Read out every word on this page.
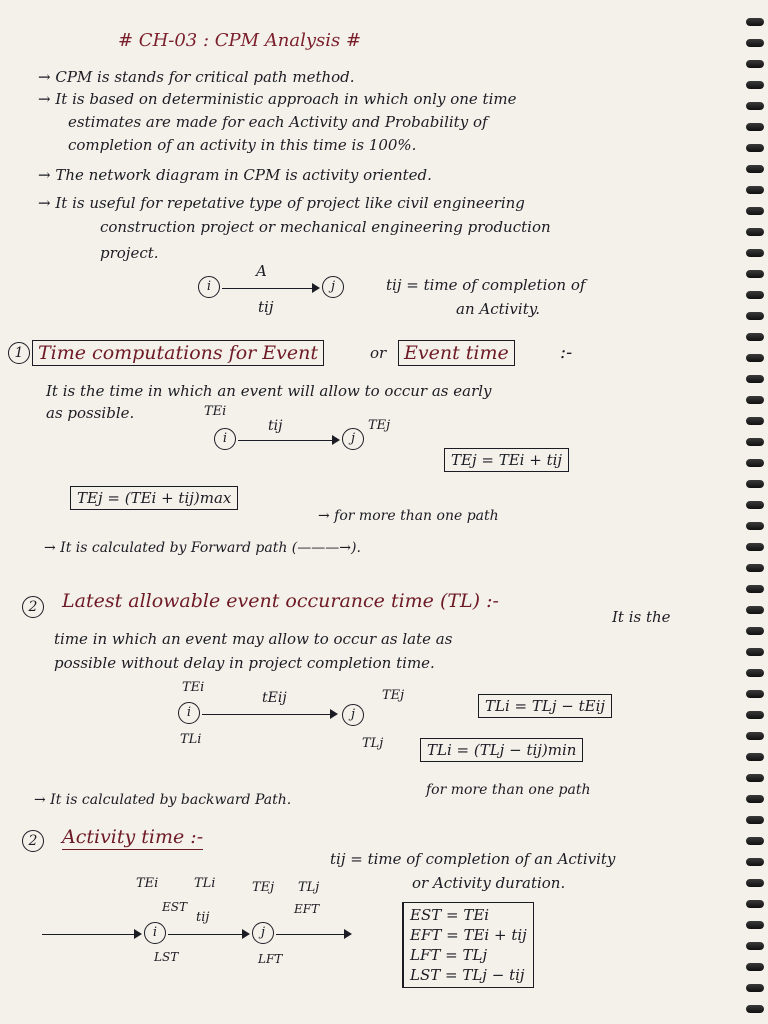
# CH-03 : CPM Analysis #
→ CPM is stands for critical path method.
→ It is based on deterministic approach in which only one time
estimates are made for each Activity and Probability of
completion of an activity in this time is 100%.
→ The network diagram in CPM is activity oriented.
→ It is useful for repetative type of project like civil engineering
construction project or mechanical engineering production
project.
i
A
j
tij
tij = time of completion of
an Activity.
1 Time computations for Event	or Event time	:-
It is the time in which an event will allow to occur as early
as possible.	TEi
i
tij
j
TEj
TEj = TEi + tij
TEj = (TEi + tij)max
→ for more than one path
→ It is calculated by Forward path (———→).
2	Latest allowable event occurance time (TL) :-
It is the
time in which an event may allow to occur as late as
possible without delay in project completion time.
TEi
i
tEij
j
TEj
TLi	TLj
TLi = TLj − tEij
TLi = (TLj − tij)min
for more than one path
→ It is calculated by backward Path.
2	Activity time :-
tij = time of completion of an Activity
or Activity duration.
TEi	TLi	TEj TLj
EST	EFT
tij
i	j
LST	LFT
EST = TEi
EFT = TEi + tij
LFT = TLj
LST = TLj − tij
